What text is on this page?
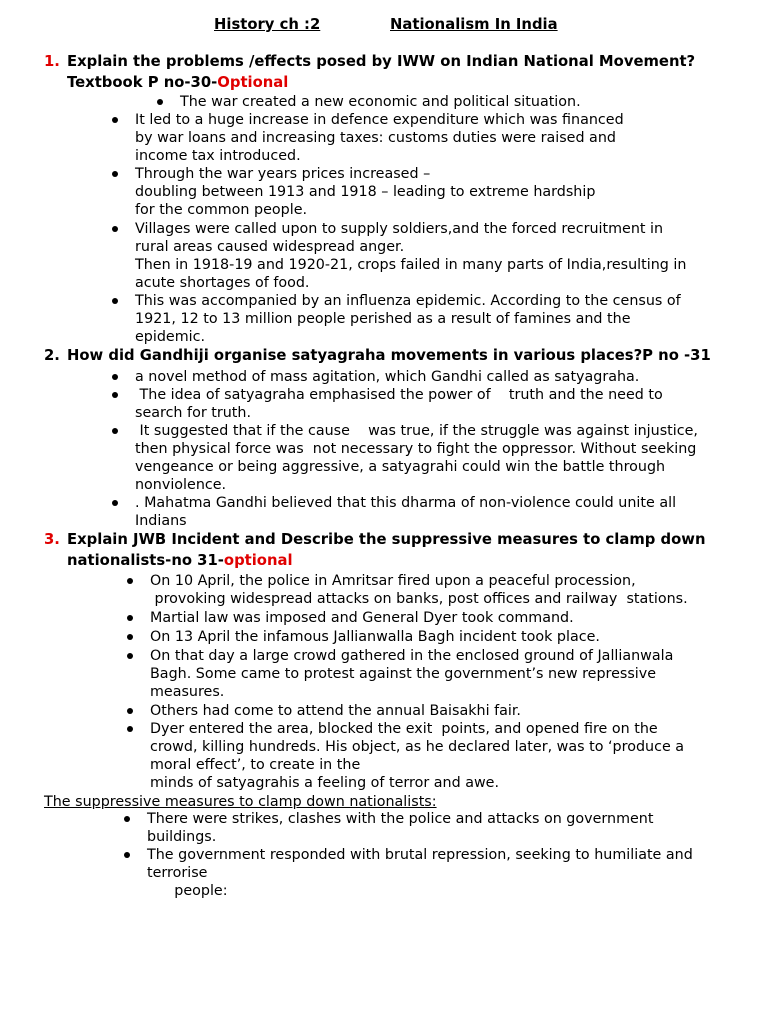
History ch :2	Nationalism In India
1. Explain the problems /effects posed by IWW on Indian National Movement?
Textbook P no-30-Optional
The war created a new economic and political situation.
It led to a huge increase in defence expenditure which was financed
by war loans and increasing taxes: customs duties were raised and
income tax introduced.
Through the war years prices increased –
doubling between 1913 and 1918 – leading to extreme hardship
for the common people.
Villages were called upon to supply soldiers,and the forced recruitment in
rural areas caused widespread anger.
Then in 1918-19 and 1920-21, crops failed in many parts of India,resulting in
acute shortages of food.
This was accompanied by an influenza epidemic. According to the census of
1921, 12 to 13 million people perished as a result of famines and the
epidemic.
2. How did Gandhiji organise satyagraha movements in various places?P no -31
a novel method of mass agitation, which Gandhi called as satyagraha.
The idea of satyagraha emphasised the power of    truth and the need to
search for truth.
It suggested that if the cause    was true, if the struggle was against injustice,
then physical force was  not necessary to fight the oppressor. Without seeking
vengeance or being aggressive, a satyagrahi could win the battle through
nonviolence.
. Mahatma Gandhi believed that this dharma of non-violence could unite all
Indians
3. Explain JWB Incident and Describe the suppressive measures to clamp down
nationalists-no 31-optional
On 10 April, the police in Amritsar fired upon a peaceful procession,
provoking widespread attacks on banks, post offices and railway  stations.
Martial law was imposed and General Dyer took command.
On 13 April the infamous Jallianwalla Bagh incident took place.
On that day a large crowd gathered in the enclosed ground of Jallianwala
Bagh. Some came to protest against the government’s new repressive
measures.
Others had come to attend the annual Baisakhi fair.
Dyer entered the area, blocked the exit  points, and opened fire on the
crowd, killing hundreds. His object, as he declared later, was to ‘produce a
moral effect’, to create in the
minds of satyagrahis a feeling of terror and awe.
The suppressive measures to clamp down nationalists:
There were strikes, clashes with the police and attacks on government
buildings.
The government responded with brutal repression, seeking to humiliate and
terrorise
people:
